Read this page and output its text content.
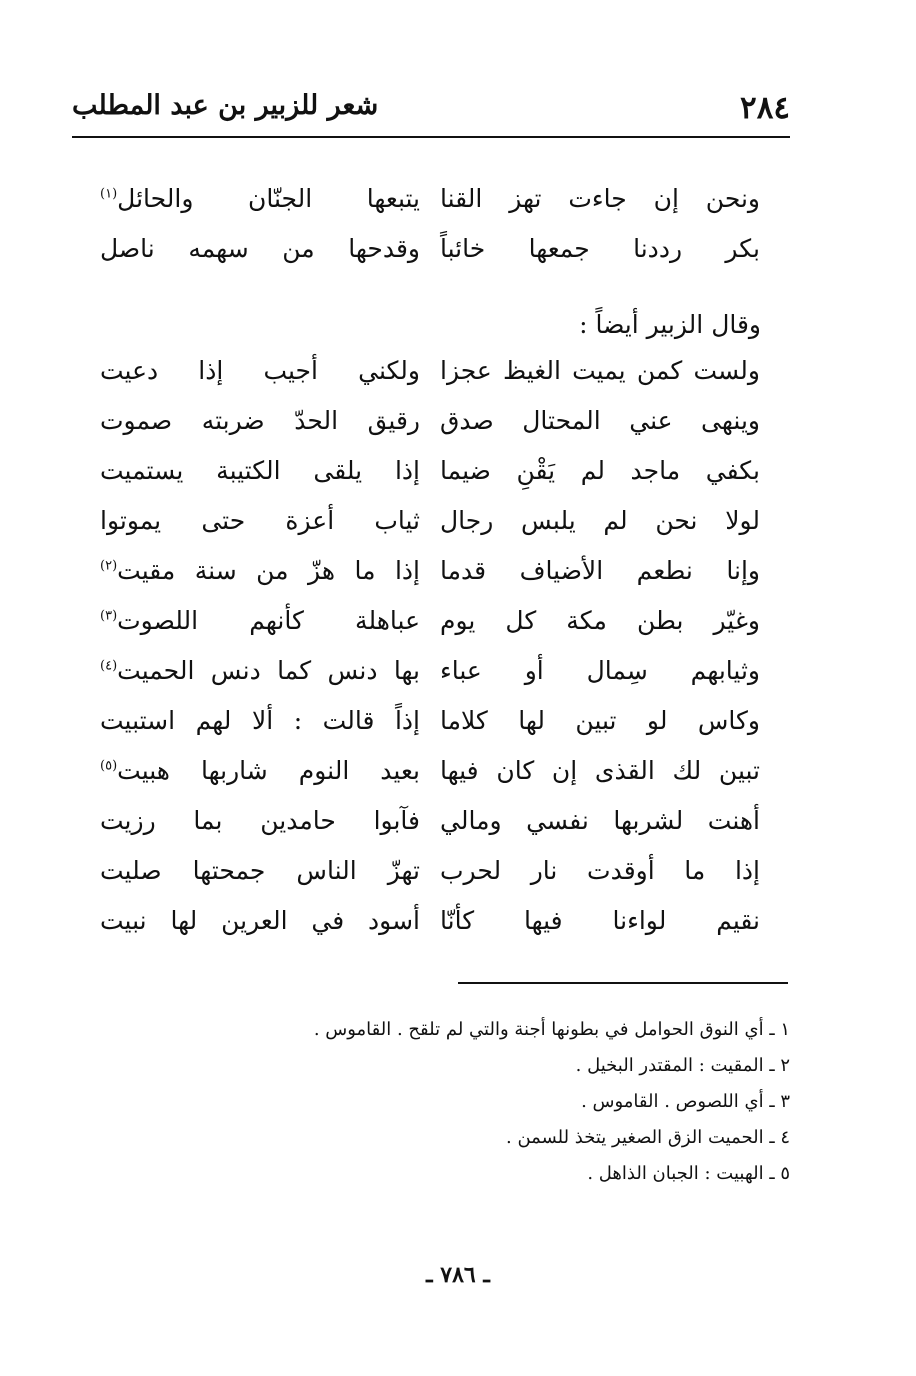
٢٨٤
شعر للزبير بن عبد المطلب
ونحن إن جاءت تهز القنا
يتبعها الجنّان والحائل$^{(١)}$
بكر رددنا جمعها خائباً
وقدحها من سهمه ناصل
وقال الزبير أيضاً :
ولست كمن يميت الغيظ عجزا
ولكني أجيب إذا دعيت
وينهى عني المحتال صدق
رقيق الحدّ ضربته صموت
بكفي ماجد لم يَقْنِ ضيما
إذا يلقى الكتيبة يستميت
لولا نحن لم يلبس رجال
ثياب أعزة حتى يموتوا
وإنا نطعم الأضياف قدما
إذا ما هزّ من سنة مقيت$^{(٢)}$
وغيّر بطن مكة كل يوم
عباهلة كأنهم اللصوت$^{(٣)}$
وثيابهم سِمال أو عباء
بها دنس كما دنس الحميت$^{(٤)}$
وكاس لو تبين لها كلاما
إذاً قالت : ألا لهم استبيت
تبين لك القذى إن كان فيها
بعيد النوم شاربها هبيت$^{(٥)}$
أهنت لشربها نفسي ومالي
فآبوا حامدين بما رزيت
إذا ما أوقدت نار لحرب
تهزّ الناس جمحتها صليت
نقيم لواءنا فيها كأنّا
أسود في العرين لها نبيت
١ ـ أي النوق الحوامل في بطونها أجنة والتي لم تلقح . القاموس .
٢ ـ المقيت : المقتدر البخيل .
٣ ـ أي اللصوص . القاموس .
٤ ـ الحميت الزق الصغير يتخذ للسمن .
٥ ـ الهبيت : الجبان الذاهل .
ـ ٧٨٦ ـ
